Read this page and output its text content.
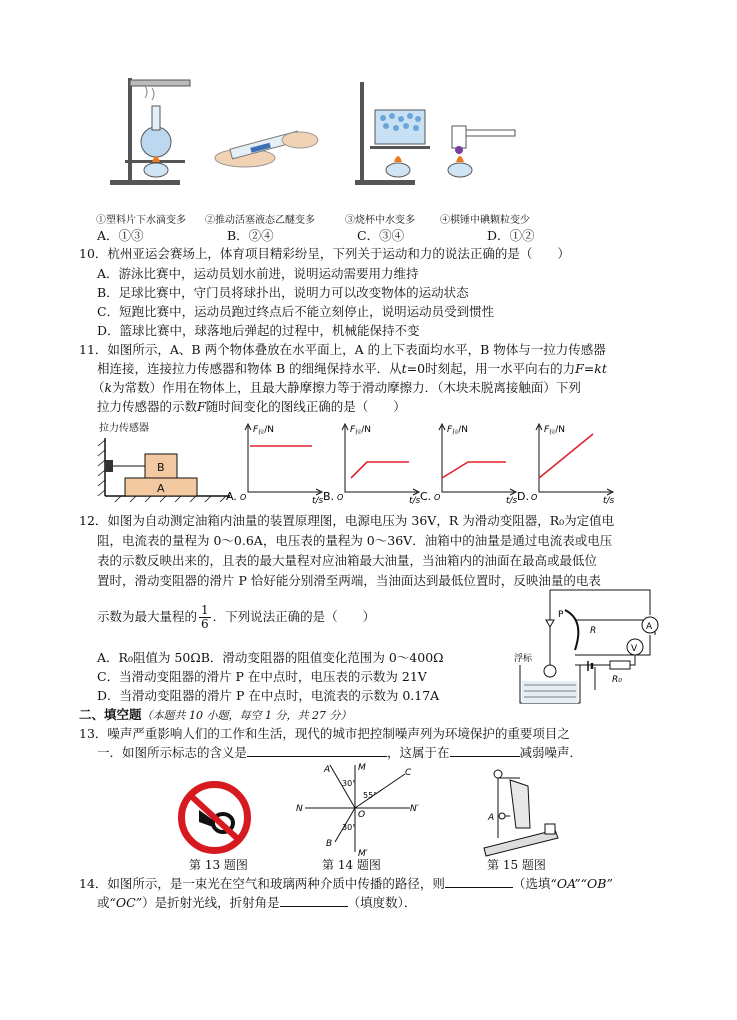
①塑料片下水滴变多 ②推动活塞液态乙醚变多	③烧杯中水变多	④棋锤中碘颗粒变少
A．①③	B．②④	C．③④	D．①②
10．杭州亚运会赛场上，体育项目精彩纷呈，下列关于运动和力的说法正确的是（　　）
A．游泳比赛中，运动员划水前进，说明运动需要用力维持
B．足球比赛中，守门员将球扑出，说明力可以改变物体的运动状态
C．短跑比赛中，运动员跑过终点后不能立刻停止，说明运动员受到惯性
D．篮球比赛中，球落地后弹起的过程中，机械能保持不变
11．如图所示，A、B 两个物体叠放在水平面上，A 的上下表面均水平，B 物体与一拉力传感器
相连接，连接拉力传感器和物体 B 的细绳保持水平．从t=0时刻起，用一水平向右的力F=kt
（k为常数）作用在物体上，且最大静摩擦力等于滑动摩擦力．（木块未脱离接触面）下列
拉力传感器的示数F随时间变化的图线正确的是（　　）
拉力传感器
B
A
$F_拉/N$
O	t/s
A.
$F_拉/N$
O	t/s
B.
$F_拉/N$
O	t/s
C.
$F_拉/N$
O	t/s
D.
12．如图为自动测定油箱内油量的装置原理图，电源电压为 36V，R 为滑动变阻器，R₀为定值电
阻，电流表的量程为 0～0.6A，电压表的量程为 0～36V．油箱中的油量是通过电流表或电压
表的示数反映出来的，且表的最大量程对应油箱最大油量，当油箱内的油面在最高或最低位
置时，滑动变阻器的滑片 P 恰好能分别滑至两端，当油面达到最低位置时，反映油量的电表
示数为最大量程的 $\frac{1}{6}$ ．下列说法正确的是（　　）
A．R₀阻值为 50ΩB．滑动变阻器的阻值变化范围为 0～400Ω
C．当滑动变阻器的滑片 P 在中点时，电压表的示数为 21V
D．当滑动变阻器的滑片 P 在中点时，电流表的示数为 0.17A
P
R	A
V
浮标
R₀
二、填空题（本题共 10 小题，每空 1 分，共 27 分）
13．噪声严重影响人们的工作和生活，现代的城市把控制噪声列为环境保护的重要项目之
一．如图所示标志的含义是	，这属于在	减弱噪声．
M
M′
N	N′
A
B
C
O
30°
55°
30°
A
第 13 题图	第 14 题图	第 15 题图
14．如图所示，是一束光在空气和玻璃两种介质中传播的路径，则	（选填“OA”“OB”
或“OC”）是折射光线，折射角是	（填度数）．
